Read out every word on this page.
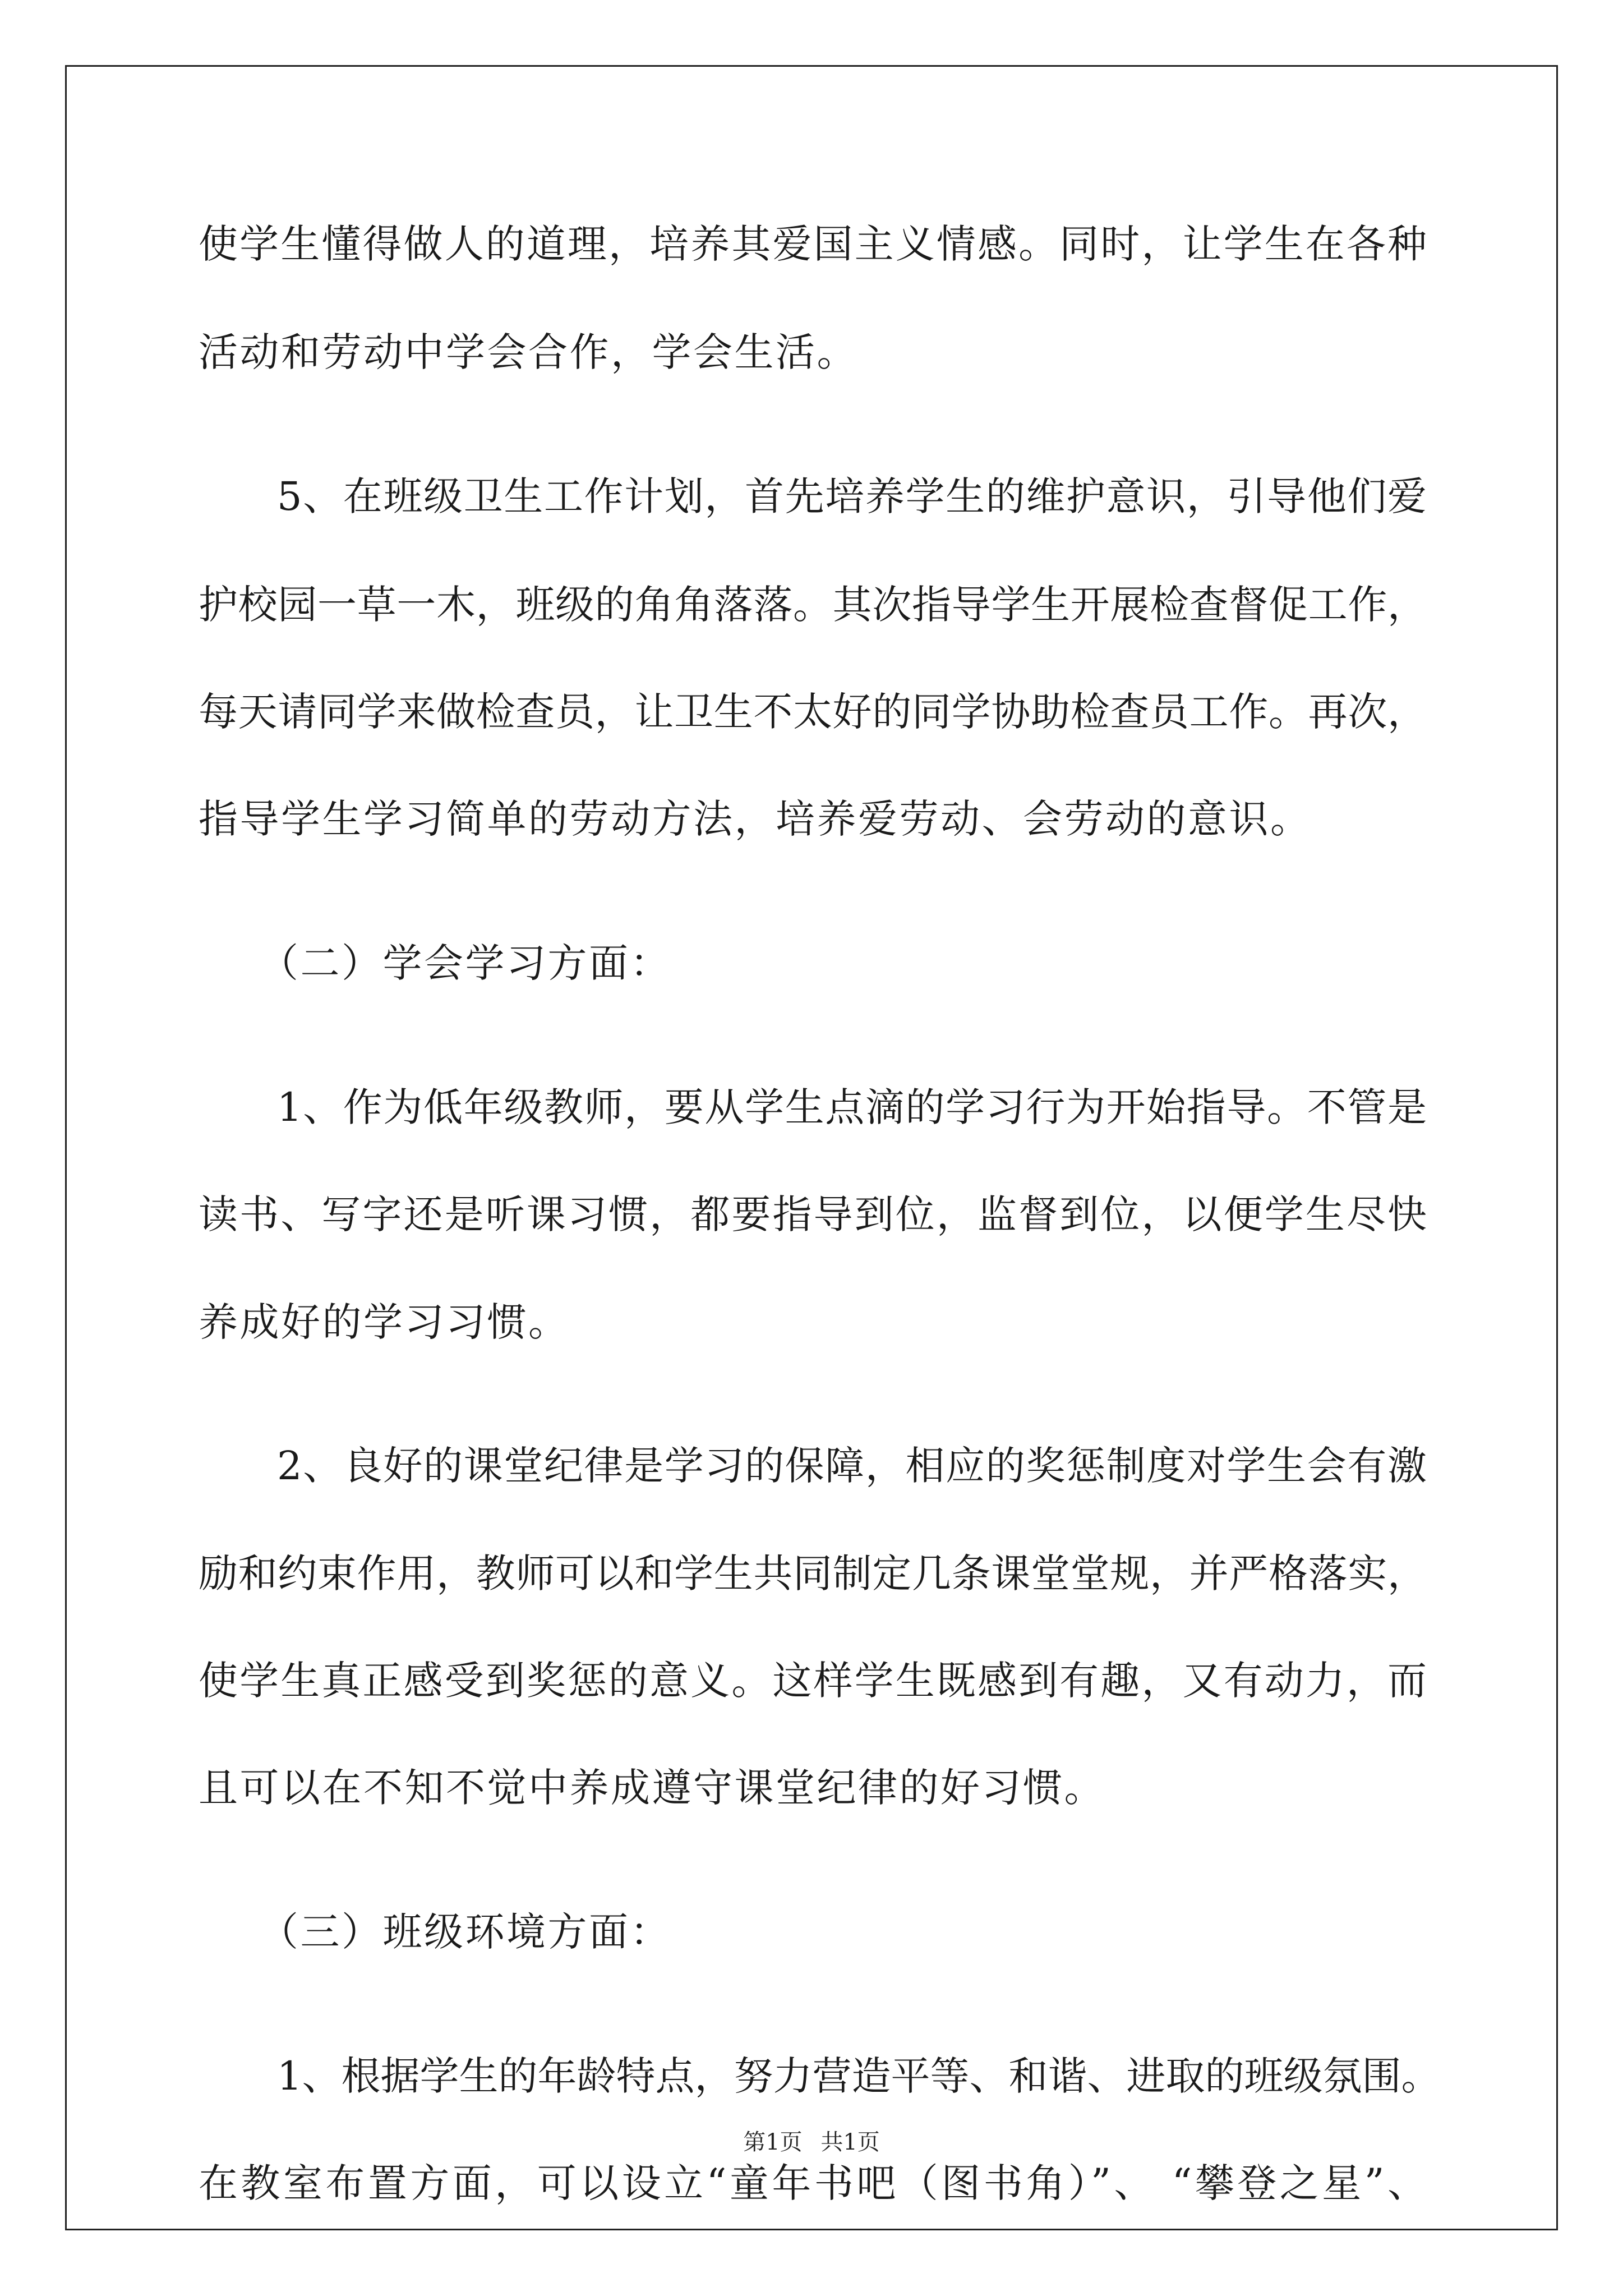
使学生懂得做人的道理，培养其爱国主义情感。同时，让学生在各种
活动和劳动中学会合作，学会生活。
5、在班级卫生工作计划，首先培养学生的维护意识，引导他们爱
护校园一草一木，班级的角角落落。其次指导学生开展检查督促工作，
每天请同学来做检查员，让卫生不太好的同学协助检查员工作。再次，
指导学生学习简单的劳动方法，培养爱劳动、会劳动的意识。
（二）学会学习方面：
1、作为低年级教师，要从学生点滴的学习行为开始指导。不管是
读书、写字还是听课习惯，都要指导到位，监督到位，以便学生尽快
养成好的学习习惯。
2、良好的课堂纪律是学习的保障，相应的奖惩制度对学生会有激
励和约束作用，教师可以和学生共同制定几条课堂堂规，并严格落实，
使学生真正感受到奖惩的意义。这样学生既感到有趣，又有动力，而
且可以在不知不觉中养成遵守课堂纪律的好习惯。
（三）班级环境方面：
1、根据学生的年龄特点，努力营造平等、和谐、进取的班级氛围。
在教室布置方面，可以设立“童年书吧（图书角）”、 “攀登之星”、
第1页 共1页
